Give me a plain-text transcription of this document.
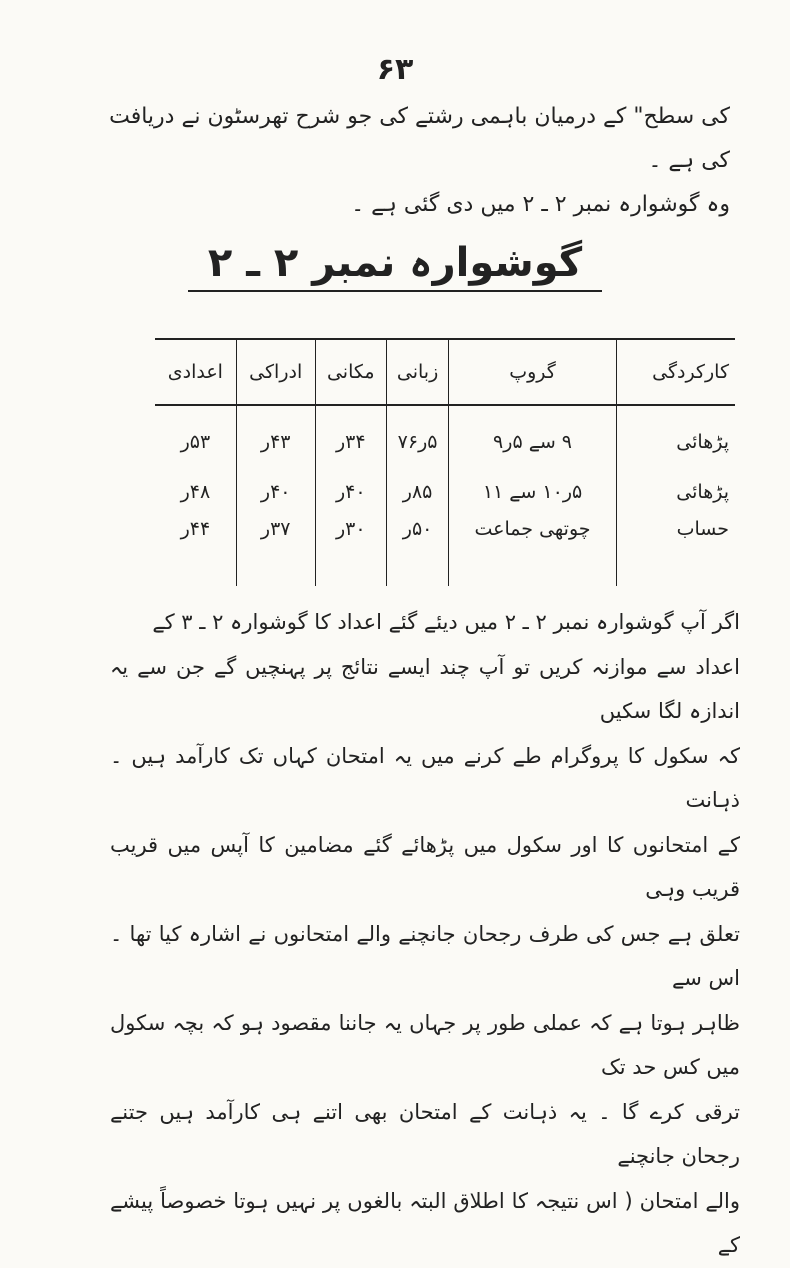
۶۳

کی سطح" کے درمیان باہمی رشتے کی جو شرح تھرسٹون نے دریافت کی ہے ۔

وہ گوشوارہ نمبر ۲ ـ ۲ میں دی گئی ہے ۔

گوشوارہ نمبر ۲ ـ ۲
کارکردگی	گروپ	زبانی	مکانی	ادراکی	اعدادی
پڑھائی	۹ سے ۵ر۹	۵ر۷۶	۳۴ر	۴۳ر	۵۳ر
پڑھائی	۵ر۱۰ سے ۱۱	۸۵ر	۴۰ر	۴۰ر	۴۸ر
حساب	چوتھی جماعت	۵۰ر	۳۰ر	۳۷ر	۴۴ر

اگر آپ گوشوارہ نمبر ۲ ـ ۲ میں دیئے گئے اعداد کا گوشوارہ ۲ ـ ۳ کے

اعداد سے موازنہ کریں تو آپ چند ایسے نتائج پر پہنچیں گے جن سے یہ اندازہ لگا سکیں

کہ سکول کا پروگرام طے کرنے میں یہ امتحان کہاں تک کارآمد ہیں ۔ ذہانت

کے امتحانوں کا اور سکول میں پڑھائے گئے مضامین کا آپس میں قریب قریب وہی

تعلق ہے جس کی طرف رجحان جانچنے والے امتحانوں نے اشارہ کیا تھا ۔ اس سے

ظاہر ہوتا ہے کہ عملی طور پر جہاں یہ جاننا مقصود ہو کہ بچہ سکول میں کس حد تک

ترقی کرے گا ۔ یہ ذہانت کے امتحان بھی اتنے ہی کارآمد ہیں جتنے رجحان جانچنے

والے امتحان ( اس نتیجہ کا اطلاق البتہ بالغوں پر نہیں ہوتا خصوصاً پیشے کے
